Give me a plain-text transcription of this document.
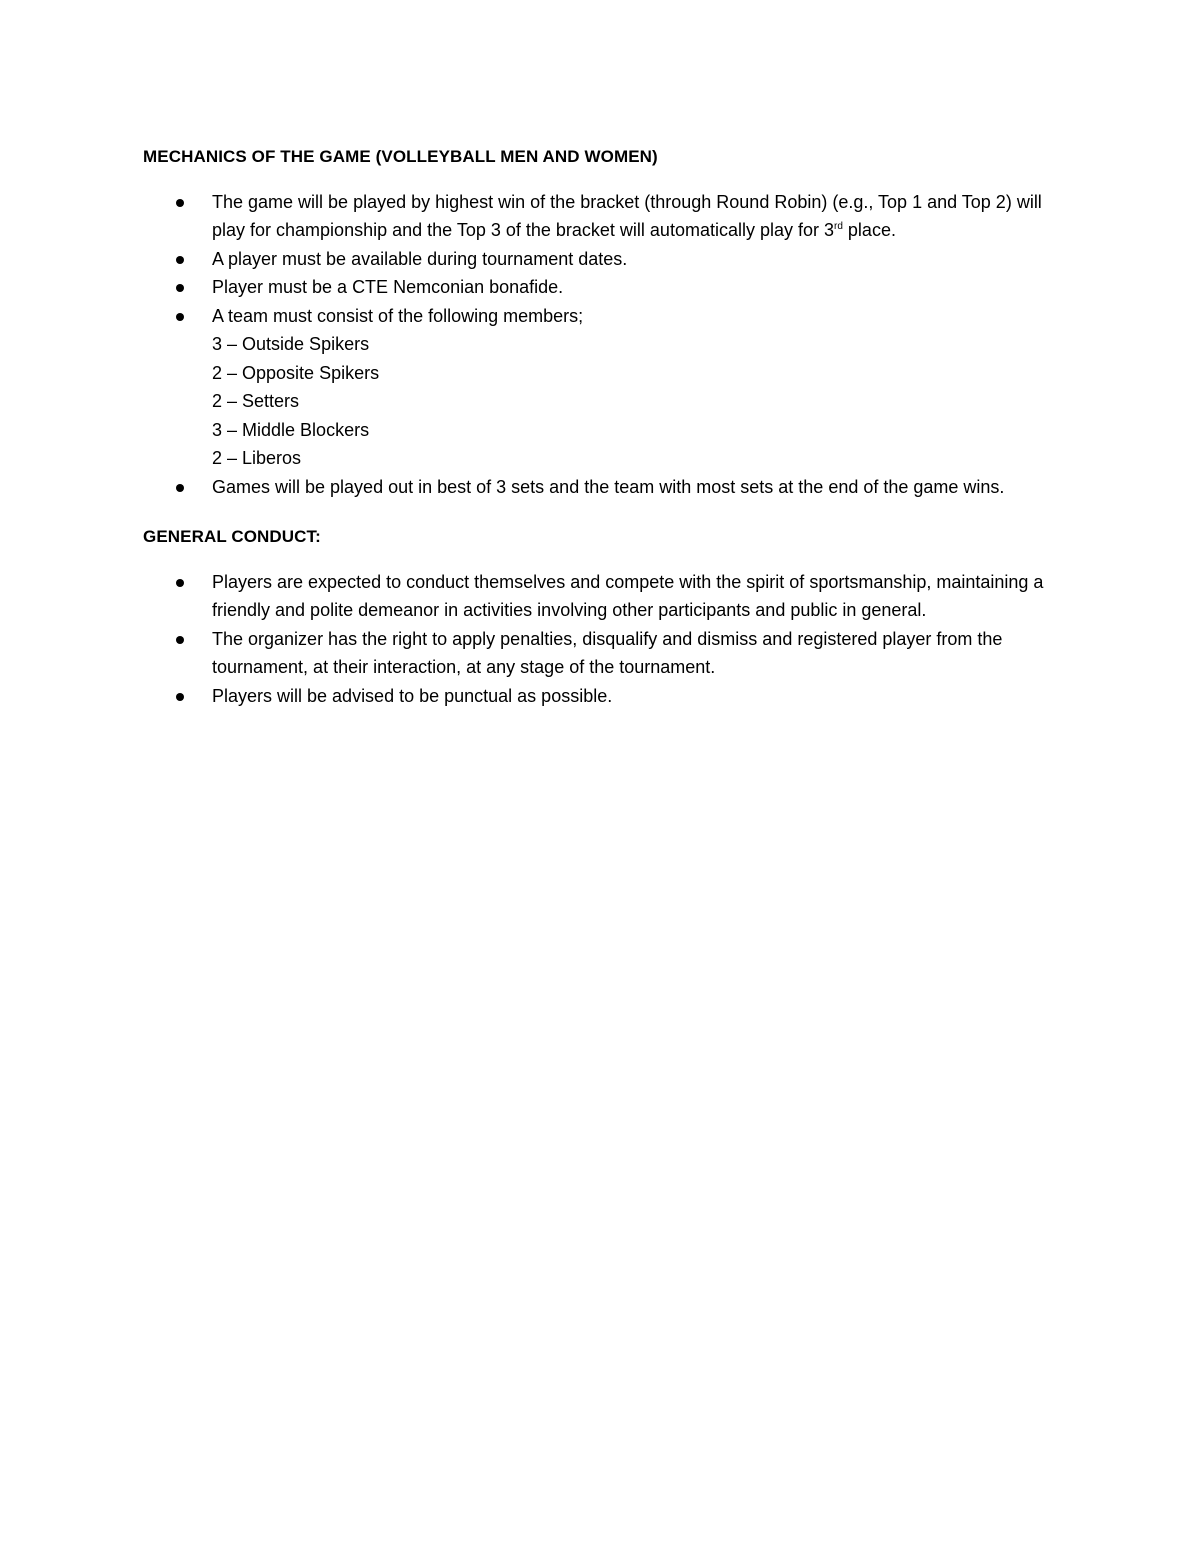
MECHANICS OF THE GAME (VOLLEYBALL MEN AND WOMEN)
The game will be played by highest win of the bracket (through Round Robin) (e.g., Top 1 and Top 2) will play for championship and the Top 3 of the bracket will automatically play for 3rd place.
A player must be available during tournament dates.
Player must be a CTE Nemconian bonafide.
A team must consist of the following members;
3 – Outside Spikers
2 – Opposite Spikers
2 – Setters
3 – Middle Blockers
2 – Liberos
Games will be played out in best of 3 sets and the team with most sets at the end of the game wins.
GENERAL CONDUCT:
Players are expected to conduct themselves and compete with the spirit of sportsmanship, maintaining a friendly and polite demeanor in activities involving other participants and public in general.
The organizer has the right to apply penalties, disqualify and dismiss and registered player from the tournament, at their interaction, at any stage of the tournament.
Players will be advised to be punctual as possible.
